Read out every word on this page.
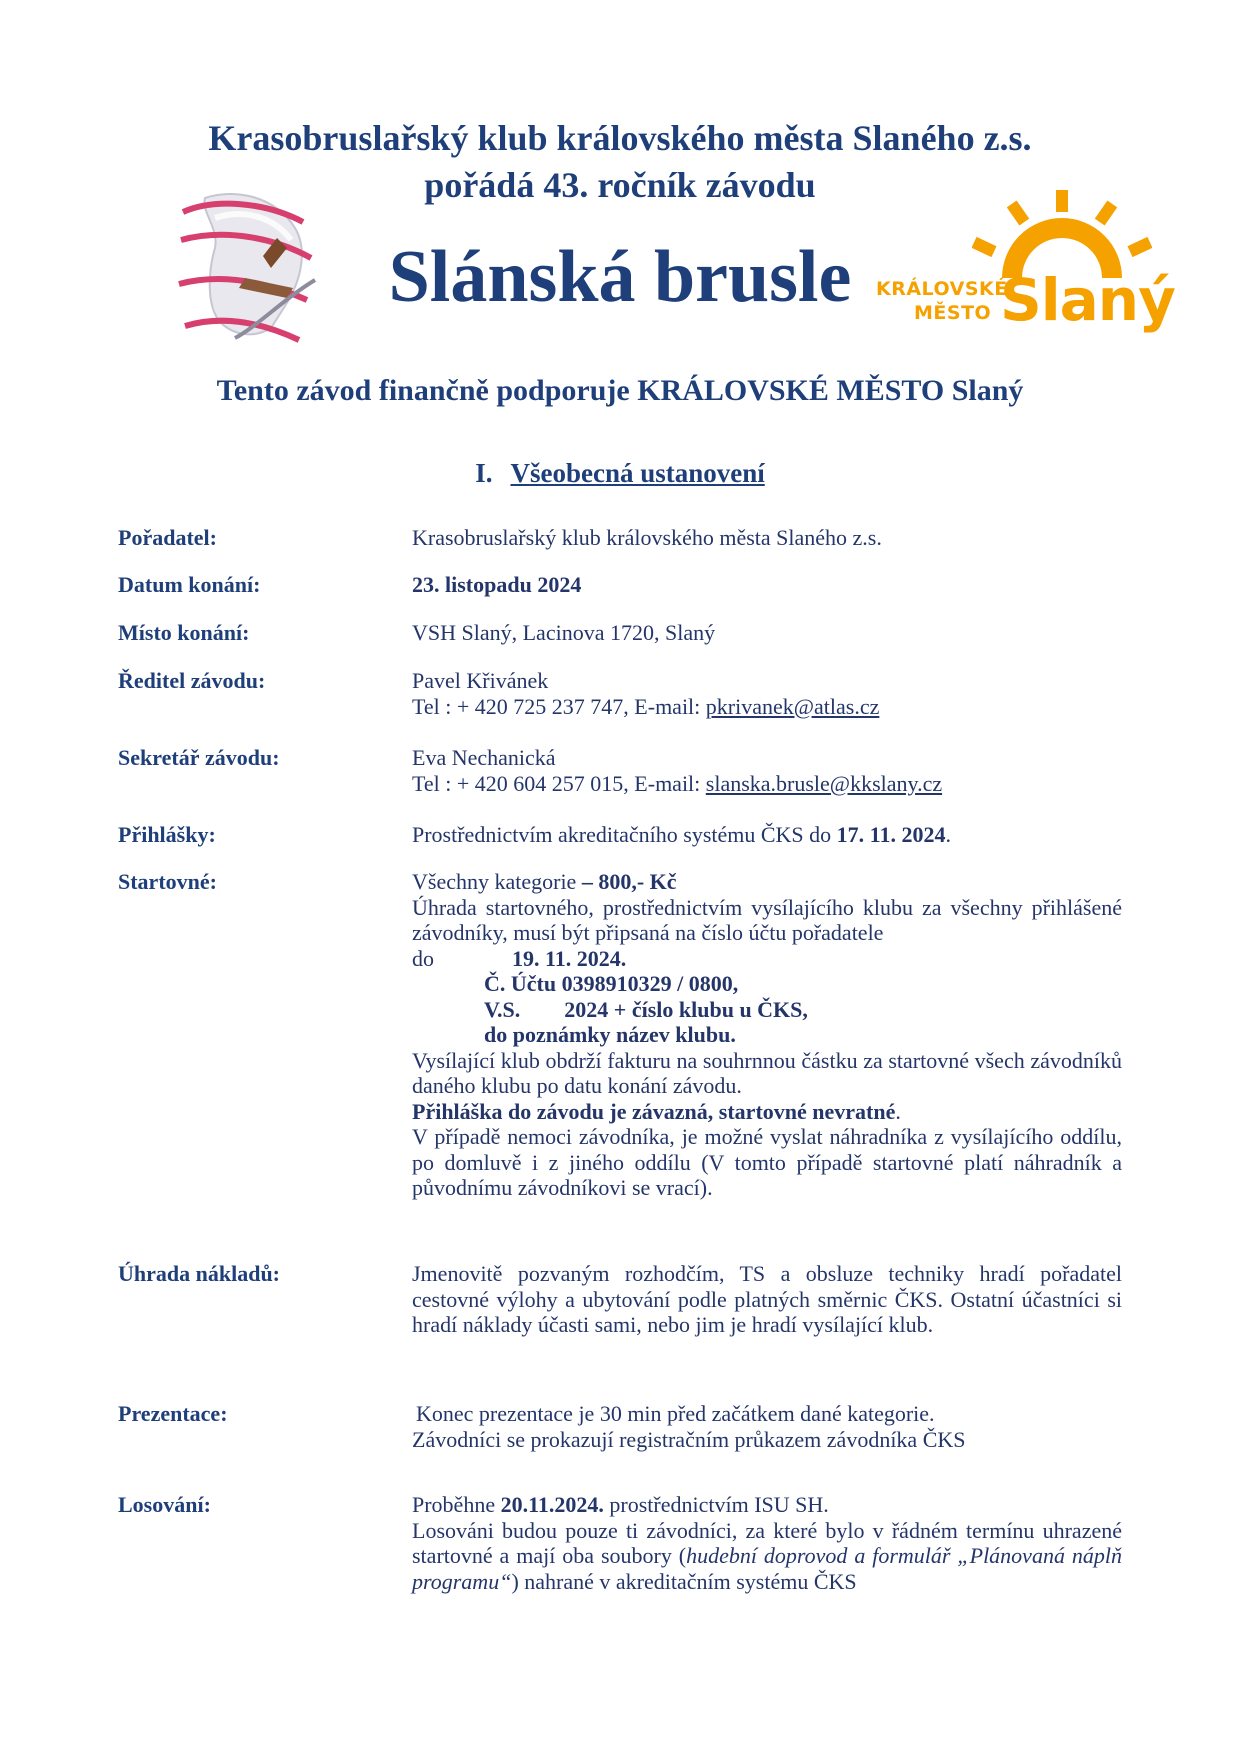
Krasobruslařský klub královského města Slaného z.s.
pořádá 43. ročník závodu
Slánská brusle	KRÁLOVSKÉ
MĚSTO Slaný
Tento závod finančně podporuje KRÁLOVSKÉ MĚSTO Slaný
I. Všeobecná ustanovení
Pořadatel:	Krasobruslařský klub královského města Slaného z.s.
Datum konání:	23. listopadu 2024
Místo konání:	VSH Slaný, Lacinova 1720, Slaný
Ředitel závodu:	Pavel Křivánek

Tel : + 420 725 237 747, E-mail: pkrivanek@atlas.cz

Sekretář závodu:	Eva Nechanická

Tel : + 420 604 257 015, E-mail: slanska.brusle@kkslany.cz

Přihlášky:	Prostřednictvím akreditačního systému ČKS do 17. 11. 2024.
Startovné:	Všechny kategorie – 800,- Kč

Úhrada startovného, prostřednictvím vysílajícího klubu za všechny přihlášené závodníky, musí být připsaná na číslo účtu pořadatele

do	19. 11. 2024.

Č. Účtu 0398910329 / 0800,

V.S. 2024 + číslo klubu u ČKS,

do poznámky název klubu.

Vysílající klub obdrží fakturu na souhrnnou částku za startovné všech závodníků daného klubu po datu konání závodu.

Přihláška do závodu je závazná, startovné nevratné.

V případě nemoci závodníka, je možné vyslat náhradníka z vysílajícího oddílu, po domluvě i z jiného oddílu (V tomto případě startovné platí náhradník a původnímu závodníkovi se vrací).

Úhrada nákladů:	Jmenovitě pozvaným rozhodčím, TS a obsluze techniky hradí pořadatel cestovné výlohy a ubytování podle platných směrnic ČKS. Ostatní účastníci si hradí náklady účasti sami, nebo jim je hradí vysílající klub.
Prezentace:	Konec prezentace je 30 min před začátkem dané kategorie.

Závodníci se prokazují registračním průkazem závodníka ČKS

Losování:	Proběhne 20.11.2024. prostřednictvím ISU SH.

Losováni budou pouze ti závodníci, za které bylo v řádném termínu uhrazené startovné a mají oba soubory (hudební doprovod a formulář „Plánovaná náplň programu“) nahrané v akreditačním systému ČKS
